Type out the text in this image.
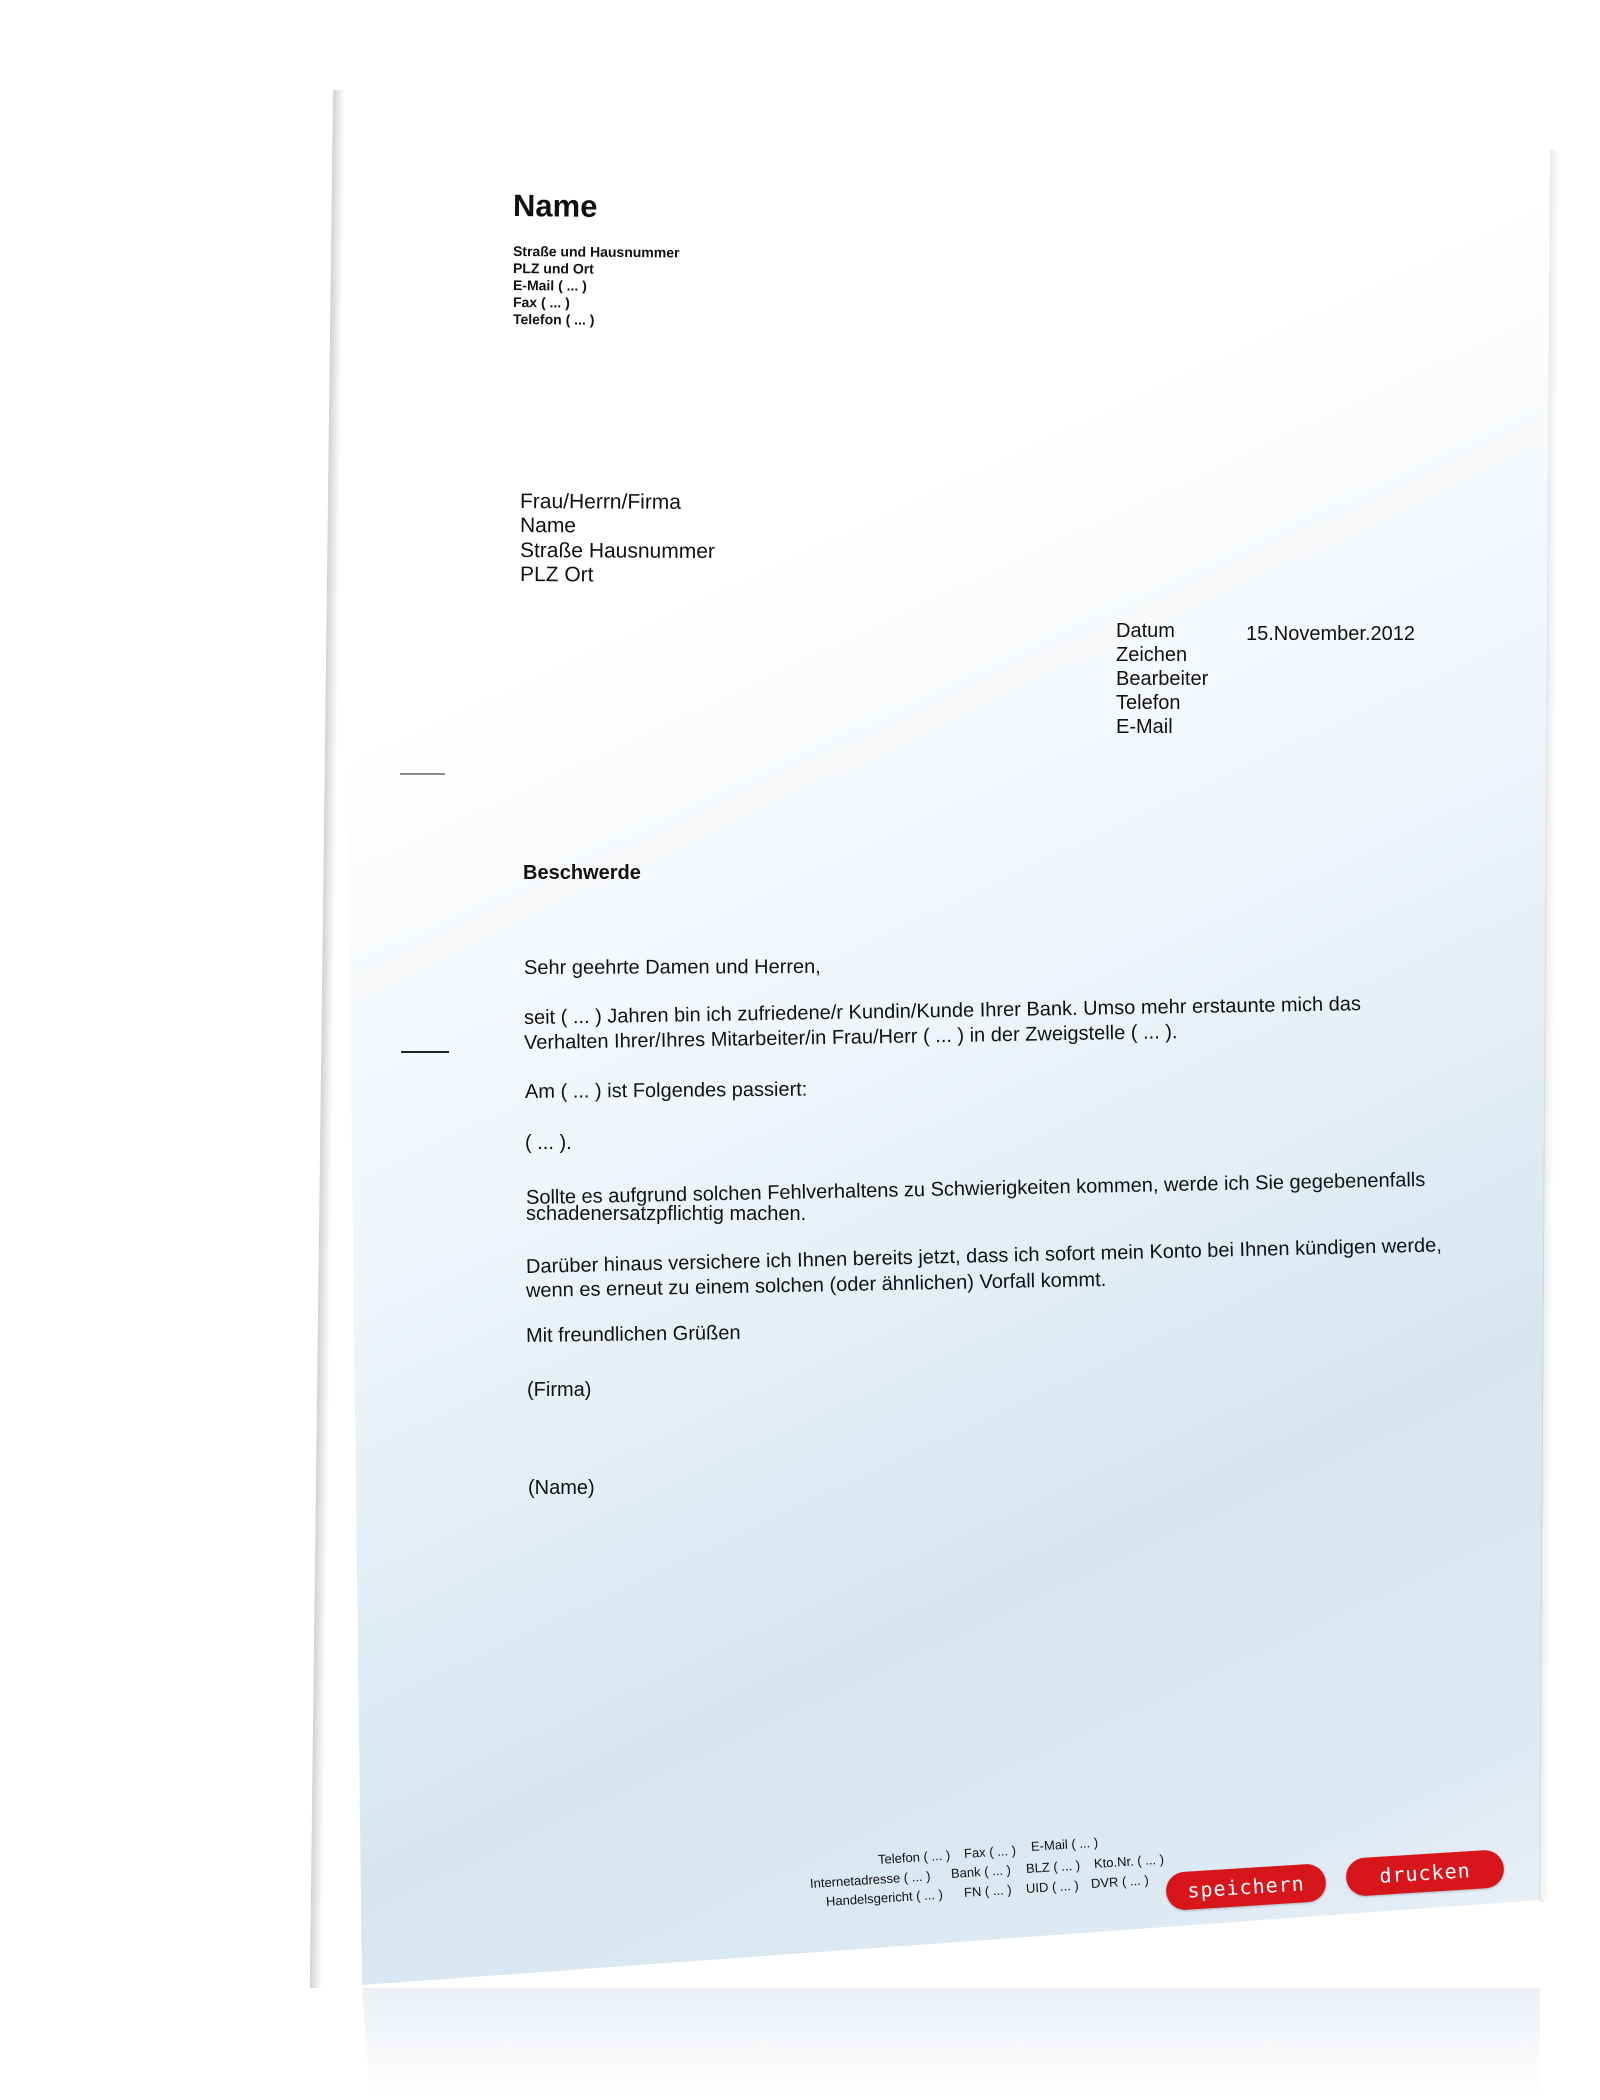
Name
Straße und Hausnummer
PLZ und Ort
E-Mail ( ... )
Fax ( ... )
Telefon ( ... )
Frau/Herrn/Firma
Name
Straße Hausnummer
PLZ Ort
Datum	15.November.2012
Zeichen
Bearbeiter
Telefon
E-Mail
Beschwerde
Sehr geehrte Damen und Herren,
seit ( ... ) Jahren bin ich zufriedene/r Kundin/Kunde Ihrer Bank. Umso mehr erstaunte mich das
Verhalten Ihrer/Ihres Mitarbeiter/in Frau/Herr ( ... ) in der Zweigstelle ( ... ).
Am ( ... ) ist Folgendes passiert:
( ... ).
Sollte es aufgrund solchen Fehlverhaltens zu Schwierigkeiten kommen, werde ich Sie gegebenenfalls
schadenersatzpflichtig machen.
Darüber hinaus versichere ich Ihnen bereits jetzt, dass ich sofort mein Konto bei Ihnen kündigen werde,
wenn es erneut zu einem solchen (oder ähnlichen) Vorfall kommt.
Mit freundlichen Grüßen
(Firma)
(Name)
Telefon ( ... ) Fax ( ... ) E-Mail ( ... )
Internetadresse ( ... ) Bank ( ... ) BLZ ( ... ) Kto.Nr. ( ... )
Handelsgericht ( ... ) FN ( ... ) UID ( ... ) DVR ( ... )	speichern	drucken
